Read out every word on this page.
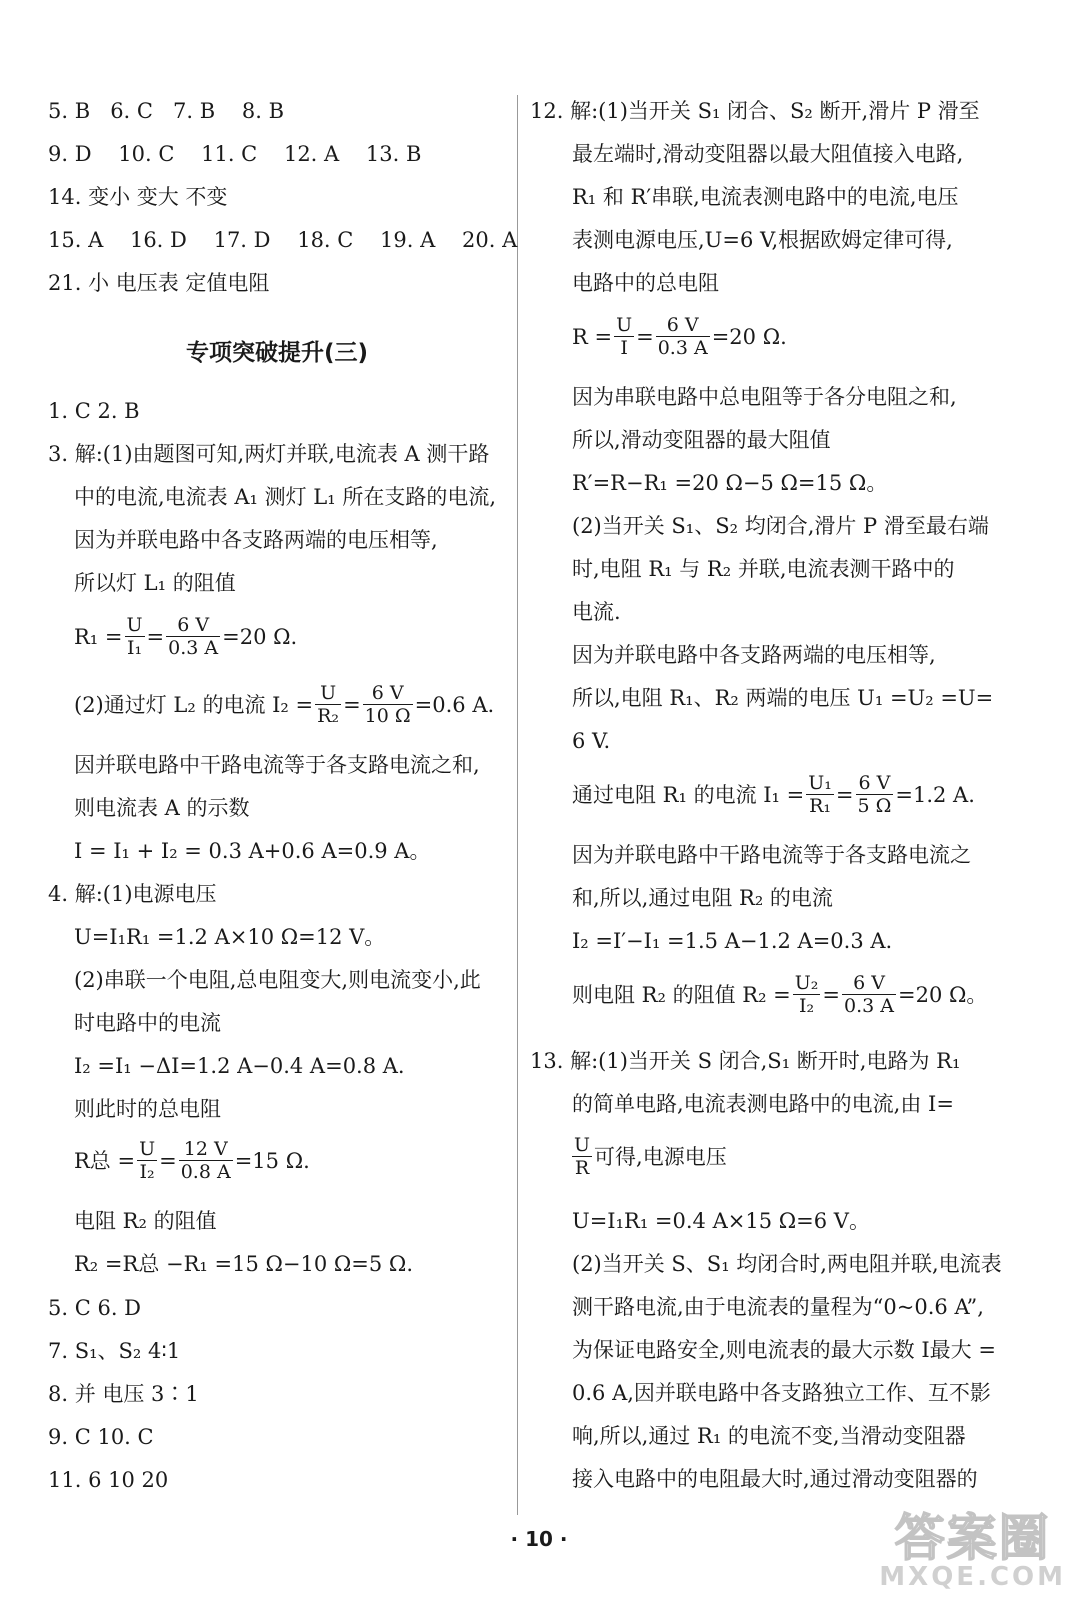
5. B 6. C 7. B 8. B
9. D 10. C 11. C 12. A 13. B
14. 变小 变大 不变
15. A 16. D 17. D 18. C 19. A 20. A
21. 小 电压表 定值电阻
专项突破提升(三)
1. C 2. B
3. 解:(1)由题图可知,两灯并联,电流表 A 测干路
中的电流,电流表 A₁ 测灯 L₁ 所在支路的电流,
因为并联电路中各支路两端的电压相等,
所以灯 L₁ 的阻值
$R_1 = \frac{U}{\text{I₁}} = \frac{6 V}{0.3 A} =20$ Ω.
(2)通过灯 L₂ 的电流 $I_2 = \frac{U}{\text{R₂}} = \frac{6 V}{10 \Omega} =0.6$ A.
因并联电路中干路电流等于各支路电流之和,
则电流表 A 的示数
I = I₁ + I₂ = 0.3 A+0.6 A=0.9 A。
4. 解:(1)电源电压
U=I₁R₁ =1.2 A×10 Ω=12 V。
(2)串联一个电阻,总电阻变大,则电流变小,此
时电路中的电流
I₂ =I₁ −ΔI=1.2 A−0.4 A=0.8 A.
则此时的总电阻
R总 = $\frac{U}{\text{I₂}} = \frac{12 V}{0.8 A} =15$ Ω.
电阻 R₂ 的阻值
R₂ =R总 −R₁ =15 Ω−10 Ω=5 Ω.
5. C 6. D
7. S₁、S₂ 4∶1
8. 并 电压 3∶1
9. C 10. C
11. 6 10 20
12. 解:(1)当开关 S₁ 闭合、S₂ 断开,滑片 P 滑至
最左端时,滑动变阻器以最大阻值接入电路,
R₁ 和 R′串联,电流表测电路中的电流,电压
表测电源电压,U=6 V,根据欧姆定律可得,
电路中的总电阻
$R = \frac{U}{I} = \frac{6 V}{0.3 A} =20$ Ω.
因为串联电路中总电阻等于各分电阻之和,
所以,滑动变阻器的最大阻值
R′=R−R₁ =20 Ω−5 Ω=15 Ω。
(2)当开关 S₁、S₂ 均闭合,滑片 P 滑至最右端
时,电阻 R₁ 与 R₂ 并联,电流表测干路中的
电流.
因为并联电路中各支路两端的电压相等,
所以,电阻 R₁、R₂ 两端的电压 U₁ =U₂ =U=
6 V.
通过电阻 R₁ 的电流 $I_1 = \frac{\text{U₁}}{\text{R₁}} = \frac{6 V}{5 \Omega} =1.2$ A.
因为并联电路中干路电流等于各支路电流之
和,所以,通过电阻 R₂ 的电流
I₂ =I′−I₁ =1.5 A−1.2 A=0.3 A.
则电阻 R₂ 的阻值 $R_2 = \frac{\text{U₂}}{\text{I₂}} = \frac{6 V}{0.3 A} =20$ Ω。
13. 解:(1)当开关 S 闭合,S₁ 断开时,电路为 R₁
的简单电路,电流表测电路中的电流,由 I=
$\frac{U}{R}$ 可得,电源电压
U=I₁R₁ =0.4 A×15 Ω=6 V。
(2)当开关 S、S₁ 均闭合时,两电阻并联,电流表
测干路电流,由于电流表的量程为“0~0.6 A”,
为保证电路安全,则电流表的最大示数 I最大 =
0.6 A,因并联电路中各支路独立工作、互不影
响,所以,通过 R₁ 的电流不变,当滑动变阻器
接入电路中的电阻最大时,通过滑动变阻器的
· 10 ·	答案圈
MXQE.COM
